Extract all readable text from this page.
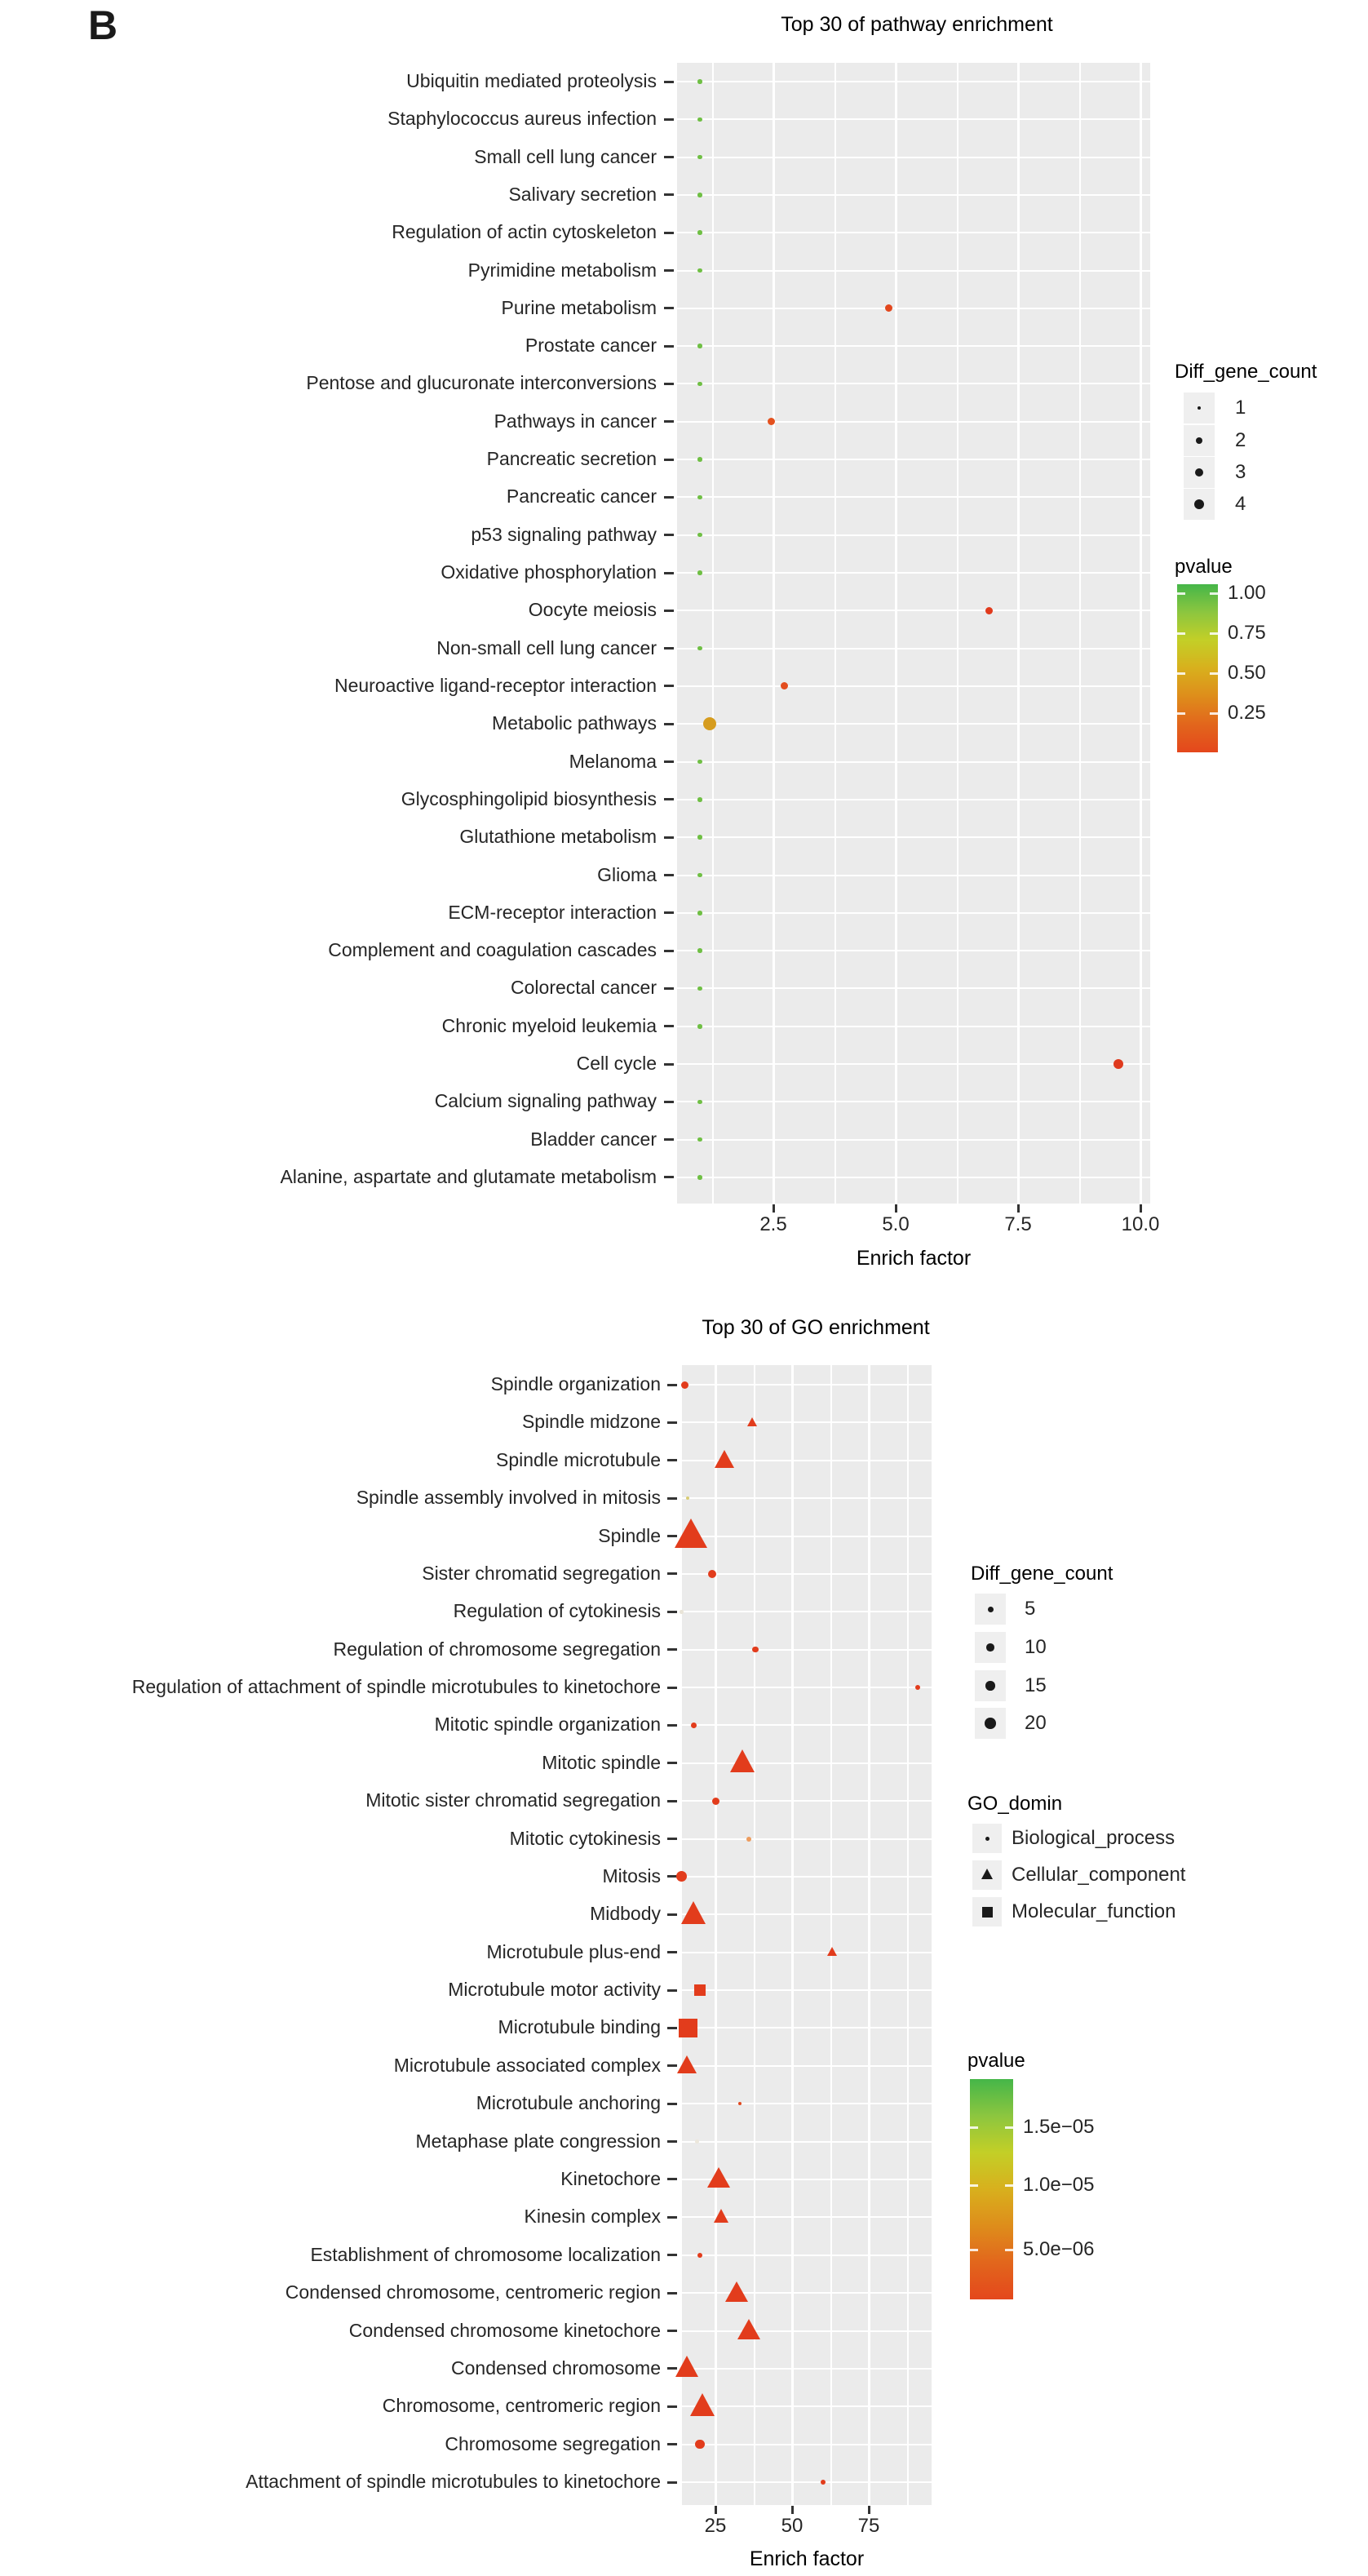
B	Top 30 of pathway enrichment
Ubiquitin mediated proteolysis
Staphylococcus aureus infection
Small cell lung cancer
Salivary secretion
Regulation of actin cytoskeleton
Pyrimidine metabolism
Purine metabolism
Prostate cancer
Pentose and glucuronate interconversions
Pathways in cancer
Pancreatic secretion
Pancreatic cancer
p53 signaling pathway
Oxidative phosphorylation
Oocyte meiosis
Non-small cell lung cancer
Neuroactive ligand-receptor interaction
Metabolic pathways
Melanoma
Glycosphingolipid biosynthesis
Glutathione metabolism
Glioma
ECM-receptor interaction
Complement and coagulation cascades
Colorectal cancer
Chronic myeloid leukemia
Cell cycle
Calcium signaling pathway
Bladder cancer
Alanine, aspartate and glutamate metabolism
2.5	5.0	7.5	10.0
Enrich factor
Diff_gene_count
1
2
3
4
pvalue
1.00
0.75
0.50
0.25
Top 30 of GO enrichment
Spindle organization
Spindle midzone
Spindle microtubule
Spindle assembly involved in mitosis
Spindle
Sister chromatid segregation
Regulation of cytokinesis
Regulation of chromosome segregation
Regulation of attachment of spindle microtubules to kinetochore
Mitotic spindle organization
Mitotic spindle
Mitotic sister chromatid segregation
Mitotic cytokinesis
Mitosis
Midbody
Microtubule plus-end
Microtubule motor activity
Microtubule binding
Microtubule associated complex
Microtubule anchoring
Metaphase plate congression
Kinetochore
Kinesin complex
Establishment of chromosome localization
Condensed chromosome, centromeric region
Condensed chromosome kinetochore
Condensed chromosome
Chromosome, centromeric region
Chromosome segregation
Attachment of spindle microtubules to kinetochore
25	50	75
Enrich factor
Diff_gene_count
5
10
15
20
GO_domin
Biological_process
Cellular_component
Molecular_function
pvalue
1.5e−05
1.0e−05
5.0e−06
